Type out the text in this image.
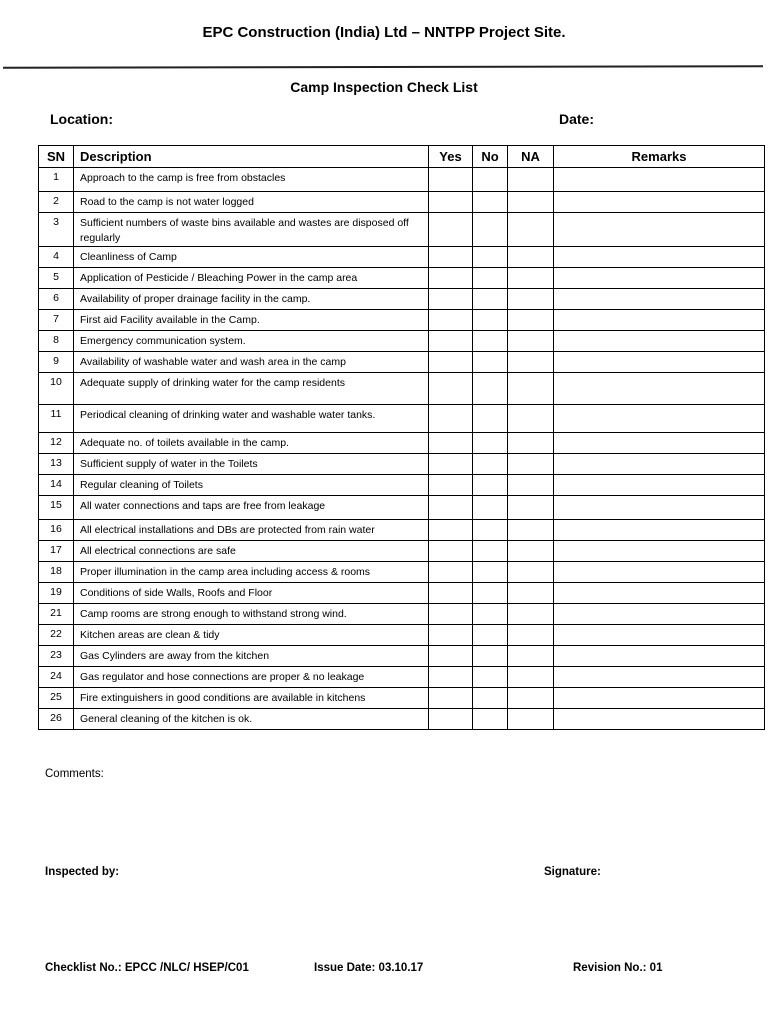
EPC Construction (India) Ltd – NNTPP Project Site.
Camp Inspection Check List
Location:	Date:
SN	Description	Yes	No	NA	Remarks
1	Approach to the camp is free from obstacles				
2	Road to the camp is not water logged				
3	Sufficient numbers of waste bins available and wastes are disposed off regularly				
4	Cleanliness of Camp				
5	Application of Pesticide / Bleaching Power in the camp area				
6	Availability of proper drainage facility in the camp.				
7	First aid Facility available in the Camp.				
8	Emergency communication system.				
9	Availability of washable water and wash area in the camp				
10	Adequate supply of drinking water for the camp residents				
11	Periodical cleaning of drinking water and washable water tanks.				
12	Adequate no. of toilets available in the camp.				
13	Sufficient supply of water in the Toilets				
14	Regular cleaning of Toilets				
15	All water connections and taps are free from leakage				
16	All electrical installations and DBs are protected from rain water				
17	All electrical connections are safe				
18	Proper illumination in the camp area including access & rooms				
19	Conditions of side Walls, Roofs and Floor				
21	Camp rooms are strong enough to withstand strong wind.				
22	Kitchen areas are clean & tidy				
23	Gas Cylinders are away from the kitchen				
24	Gas regulator and hose connections are proper & no leakage				
25	Fire extinguishers in good conditions are available in kitchens				
26	General cleaning of the kitchen is ok.				
Comments:
Inspected by:	Signature:
Checklist No.: EPCC /NLC/ HSEP/C01	Issue Date: 03.10.17	Revision No.: 01
